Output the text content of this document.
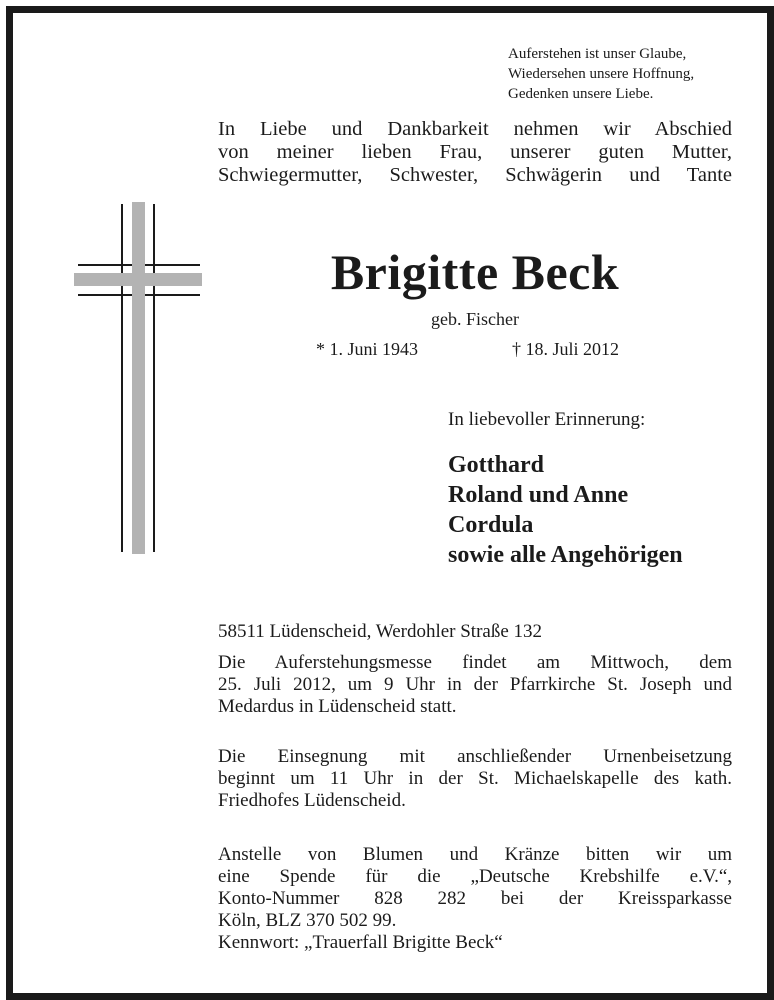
Auferstehen ist unser Glaube,
Wiedersehen unsere Hoffnung,
Gedenken unsere Liebe.
In Liebe und Dankbarkeit nehmen wir Abschied
von meiner lieben Frau, unserer guten Mutter,
Schwiegermutter, Schwester, Schwägerin und Tante
Brigitte Beck
geb. Fischer
* 1. Juni 1943	† 18. Juli 2012
In liebevoller Erinnerung:
Gotthard
Roland und Anne
Cordula
sowie alle Angehörigen
58511 Lüdenscheid, Werdohler Straße 132
Die Auferstehungsmesse findet am Mittwoch, dem
25. Juli 2012, um 9 Uhr in der Pfarrkirche St. Joseph und
Medardus in Lüdenscheid statt.
Die Einsegnung mit anschließender Urnenbeisetzung
beginnt um 11 Uhr in der St. Michaelskapelle des kath.
Friedhofes Lüdenscheid.
Anstelle von Blumen und Kränze bitten wir um
eine Spende für die „Deutsche Krebshilfe e.V.“,
Konto-Nummer 828 282 bei der Kreissparkasse
Köln, BLZ 370 502 99.
Kennwort: „Trauerfall Brigitte Beck“
